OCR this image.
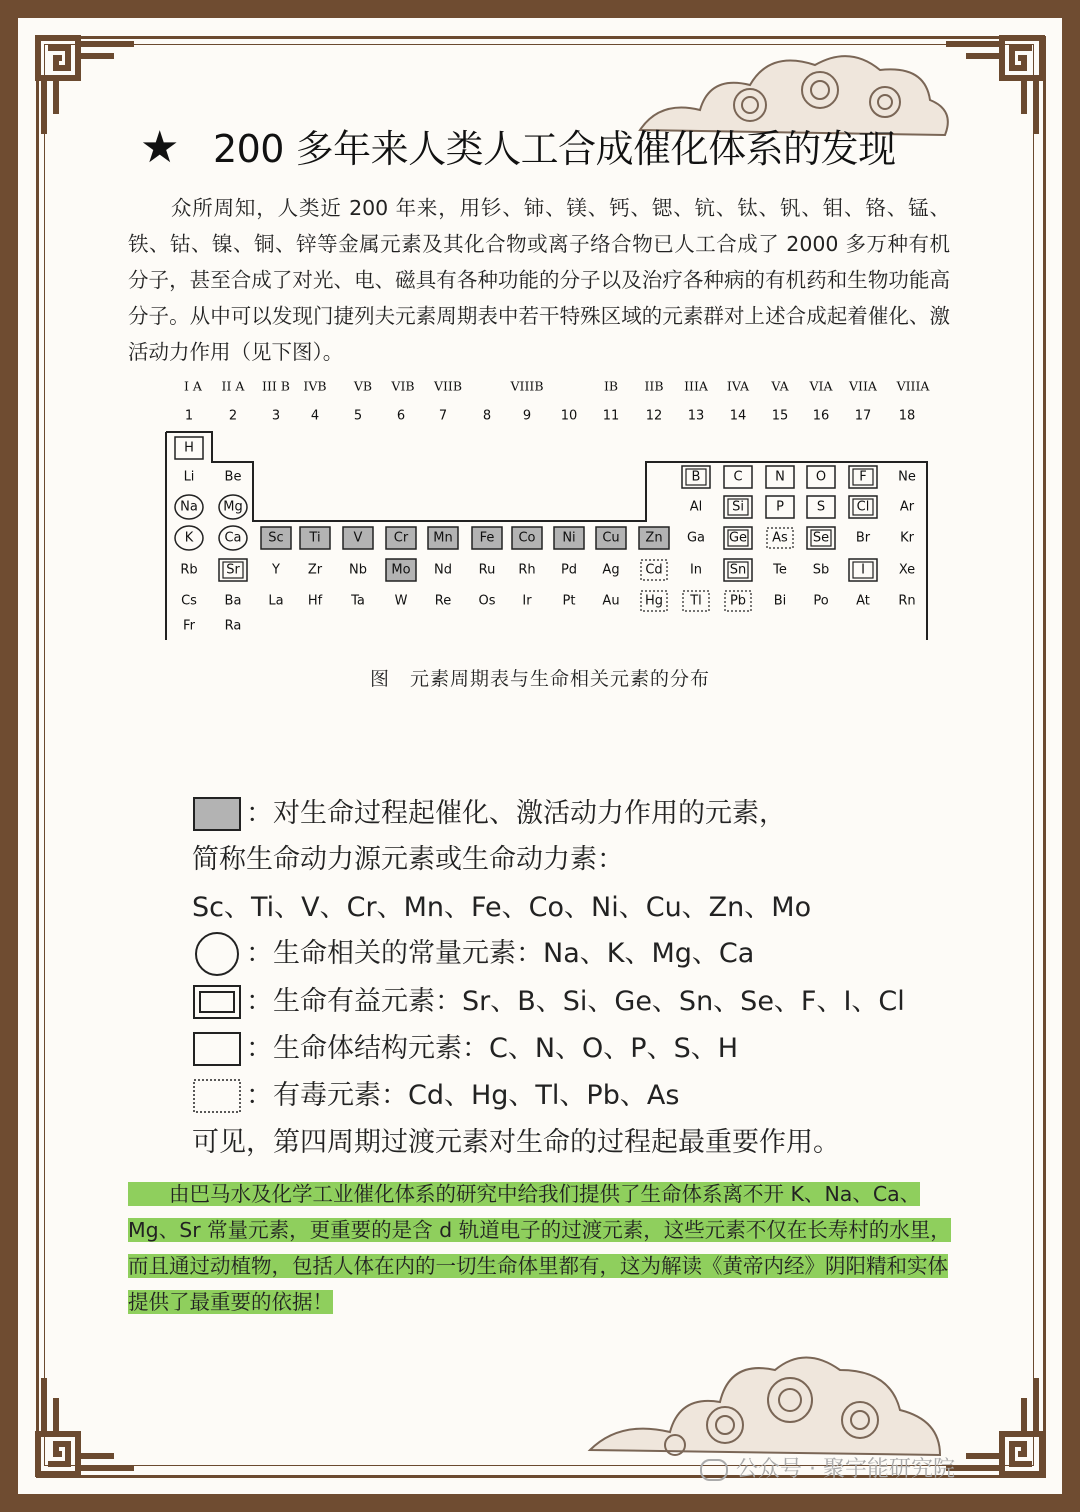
★ 200 多年来人类人工合成催化体系的发现
众所周知，人类近 200 年来，用钐、铈、镁、钙、锶、钪、钛、钒、钼、铬、锰、铁、钴、镍、铜、锌等金属元素及其化合物或离子络合物已人工合成了 2000 多万种有机分子，甚至合成了对光、电、磁具有各种功能的分子以及治疗各种病的有机药和生物功能高分子。从中可以发现门捷列夫元素周期表中若干特殊区域的元素群对上述合成起着催化、激活动力作用（见下图）。
I A II A III B IVB VB VIB VIIB	VIIIB	IB IIB IIIA IVA VA VIA VIIA VIIIA
1	2	3 4	5	6	7	8 9 10 11 12 13 14 15 16 17 18
H
Li Be	B	C	N O	F Ne
Na Mg	Al Si P	S Cl Ar
K Ca Sc Ti	V Cr Mn Fe Co Ni Cu Zn Ga Ge As Se Br Kr
Rb Sr Y Zr Nb Mo Nd Ru Rh Pd Ag Cd In Sn Te Sb I	Xe
Cs Ba La Hf Ta W Re Os Ir Pt Au Hg Tl Pb Bi Po At Rn
Fr Ra
图　元素周期表与生命相关元素的分布
：对生命过程起催化、激活动力作用的元素，
简称生命动力源元素或生命动力素：
Sc、Ti、V、Cr、Mn、Fe、Co、Ni、Cu、Zn、Mo
：生命相关的常量元素：Na、K、Mg、Ca
：生命有益元素：Sr、B、Si、Ge、Sn、Se、F、I、Cl
：生命体结构元素：C、N、O、P、S、H
：有毒元素：Cd、Hg、Tl、Pb、As
可见，第四周期过渡元素对生命的过程起最重要作用。
　　​由巴马水及化学工业催化体系的研究中给我们提供了生命体系离不开 K、Na、Ca、Mg、Sr 常量元素，更重要的是含 d 轨道电子的过渡元素，这些元素不仅在长寿村的水里，而且通过动植物，包括人体在内的一切生命体里都有，这为解读《黄帝内经》阴阳精和实体提供了最重要的依据！
公众号 · 聚宇能研究院
